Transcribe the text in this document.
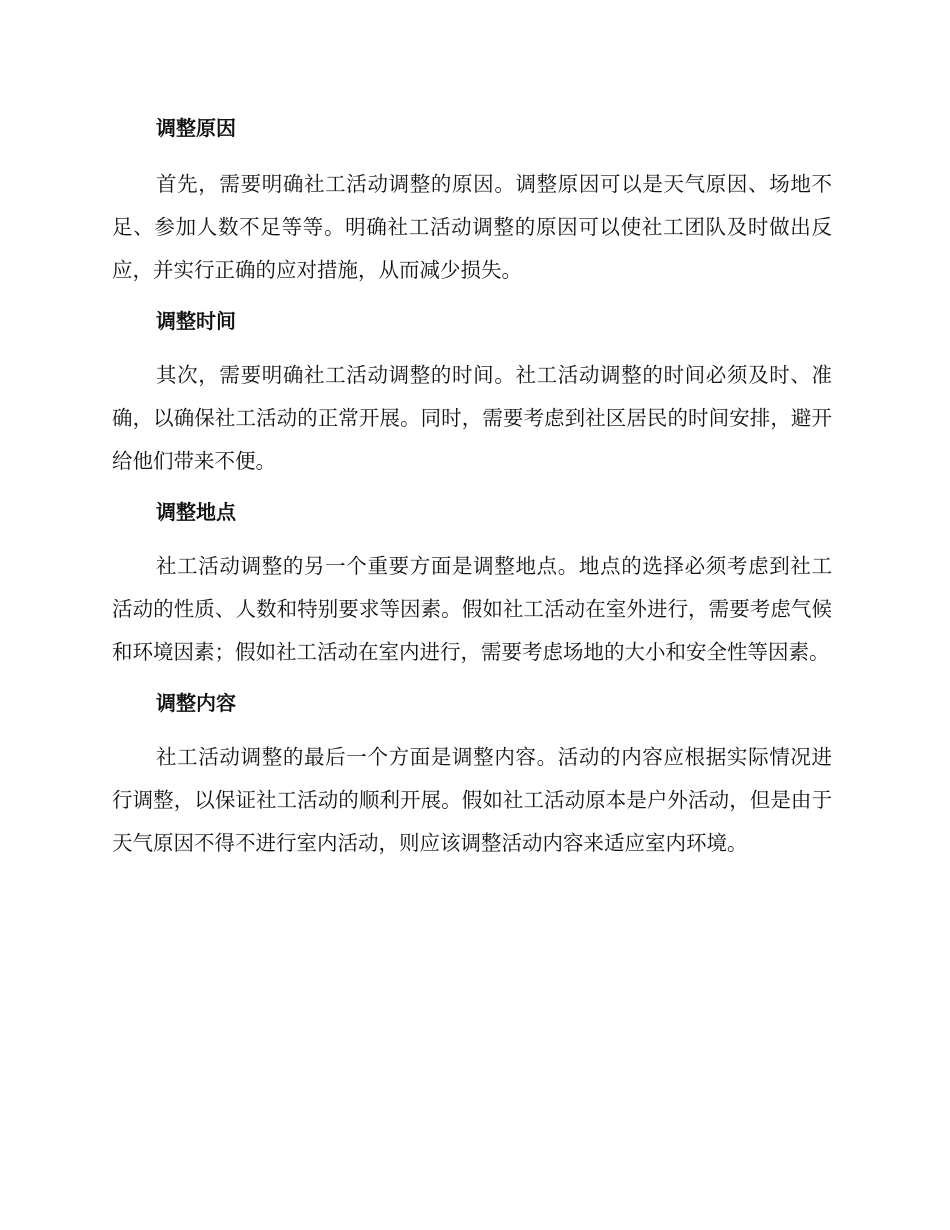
调整原因

首先，需要明确社工活动调整的原因。调整原因可以是天气原因、场地不足、参加人数不足等等。明确社工活动调整的原因可以使社工团队及时做出反应，并实行正确的应对措施，从而减少损失。

调整时间

其次，需要明确社工活动调整的时间。社工活动调整的时间必须及时、准确，以确保社工活动的正常开展。同时，需要考虑到社区居民的时间安排，避开给他们带来不便。

调整地点

社工活动调整的另一个重要方面是调整地点。地点的选择必须考虑到社工活动的性质、人数和特别要求等因素。假如社工活动在室外进行，需要考虑气候和环境因素；假如社工活动在室内进行，需要考虑场地的大小和安全性等因素。

调整内容

社工活动调整的最后一个方面是调整内容。活动的内容应根据实际情况进行调整，以保证社工活动的顺利开展。假如社工活动原本是户外活动，但是由于天气原因不得不进行室内活动，则应该调整活动内容来适应室内环境。
